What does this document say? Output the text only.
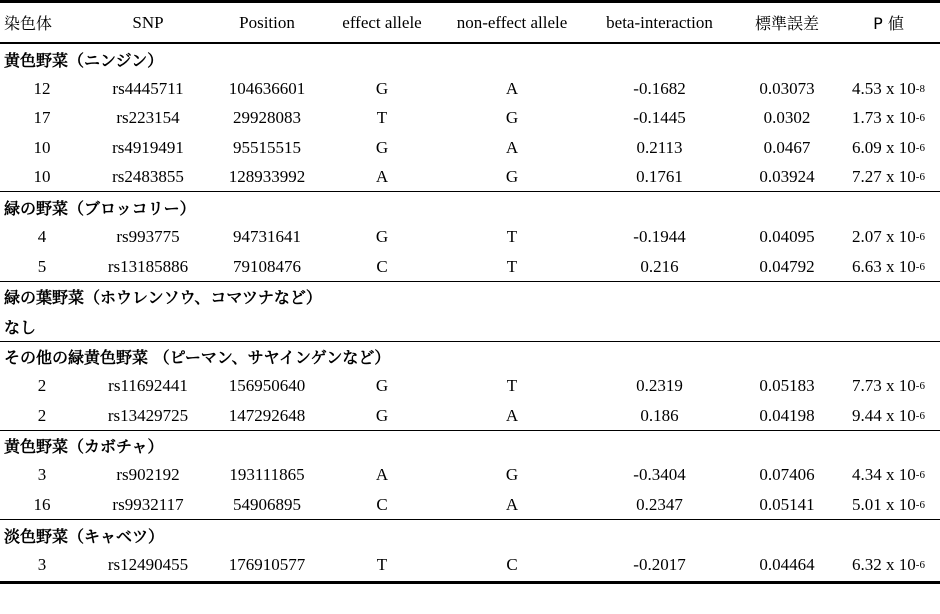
染色体	SNP	Position	effect allele	non-effect allele	beta-interaction	標準誤差	P 値
黄色野菜（ニンジン）
12	rs4445711	104636601	G	A	-0.1682	0.03073	4.53 x 10 -8
17	rs223154	29928083	T	G	-0.1445	0.0302	1.73 x 10 -6
10	rs4919491	95515515	G	A	0.2113	0.0467	6.09 x 10 -6
10	rs2483855	128933992	A	G	0.1761	0.03924	7.27 x 10 -6
緑の野菜（ブロッコリー）
4	rs993775	94731641	G	T	-0.1944	0.04095	2.07 x 10 -6
5	rs13185886	79108476	C	T	0.216	0.04792	6.63 x 10 -6
緑の葉野菜（ホウレンソウ、コマツナなど）
なし
その他の緑黄色野菜 （ピーマン、サヤインゲンなど）
2	rs11692441	156950640	G	T	0.2319	0.05183	7.73 x 10 -6
2	rs13429725	147292648	G	A	0.186	0.04198	9.44 x 10 -6
黄色野菜（カボチャ）
3	rs902192	193111865	A	G	-0.3404	0.07406	4.34 x 10 -6
16	rs9932117	54906895	C	A	0.2347	0.05141	5.01 x 10 -6
淡色野菜（キャベツ）
3	rs12490455	176910577	T	C	-0.2017	0.04464	6.32 x 10 -6
